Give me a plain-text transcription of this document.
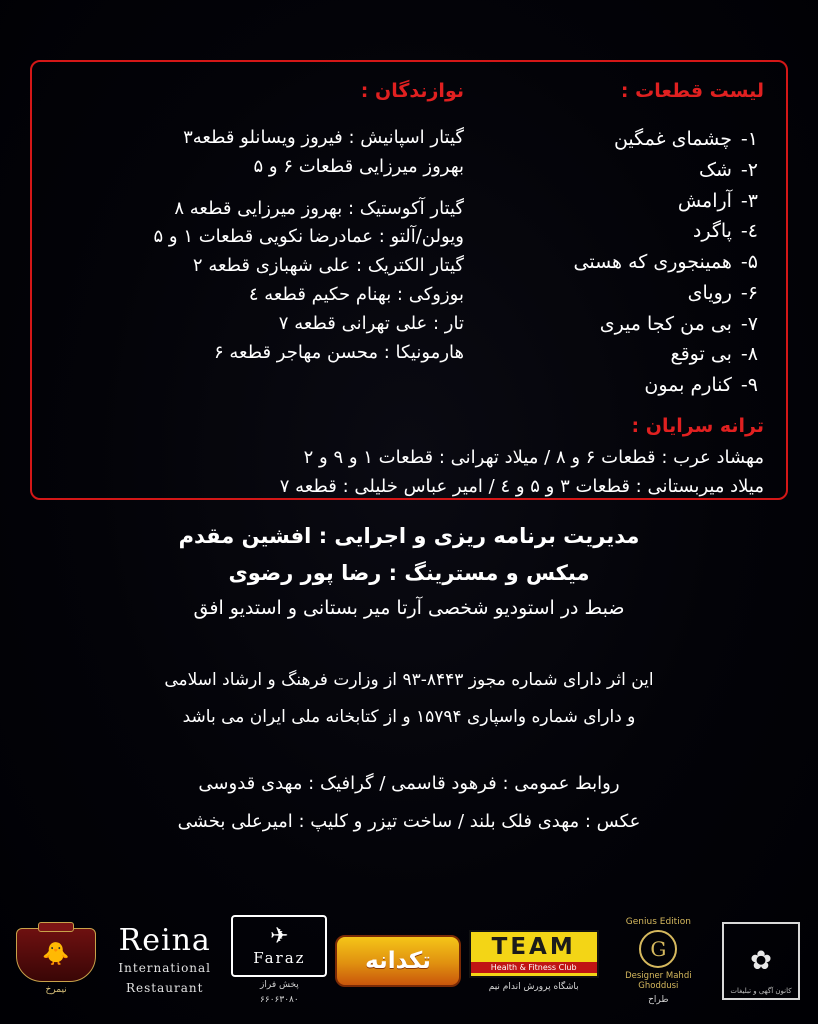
لیست قطعات :
۱- چشمای غمگین
۲- شک
۳- آرامش
٤- پاگرد
۵- همینجوری که هستی
۶- رویای
۷- بی من کجا میری
۸- بی توقع
۹- کنارم بمون
نوازندگان :
گیتار اسپانیش : فیروز ویسانلو قطعه۳
بهروز میرزایی قطعات ۶ و ۵
گیتار آکوستیک : بهروز میرزایی قطعه ۸
ویولن/آلتو : عمادرضا نکویی قطعات ۱ و ۵
گیتار الکتریک : علی شهبازی قطعه ۲
بوزوکی : بهنام حکیم قطعه ٤
تار : علی تهرانی قطعه ۷
هارمونیکا : محسن مهاجر قطعه ۶
ترانه سرایان :
مهشاد عرب : قطعات ۶ و ۸ / میلاد تهرانی : قطعات ۱ و ۹ و ۲
میلاد میربستانی : قطعات ۳ و ۵ و ٤ / امیر عباس خلیلی : قطعه ۷
مدیریت برنامه ریزی و اجرایی : افشین مقدم
میکس و مسترینگ : رضا پور رضوی
ضبط در استودیو شخصی آرتا میر بستانی و استدیو افق
این اثر دارای شماره مجوز ۸۴۴۳-۹۳ از وزارت فرهنگ و ارشاد اسلامی
و دارای شماره واسپاری ۱۵۷۹۴ و از کتابخانه ملی ایران می باشد
روابط عمومی : فرهود قاسمی / گرافیک : مهدی قدوسی
عکس : مهدی فلک بلند / ساخت تیزر و کلیپ : امیرعلی بخشی
🐥
نیمرخ
Reina
International
Restaurant
✈
Faraz
پخش فراز
۶۶۰۶۳۰۸۰
تکدانه
TEAM
Health & Fitness Club
باشگاه پرورش اندام نیم
Genius Edition
G
Designer Mahdi Ghoddusi
طراح
✿
کانون آگهی و تبلیغات
